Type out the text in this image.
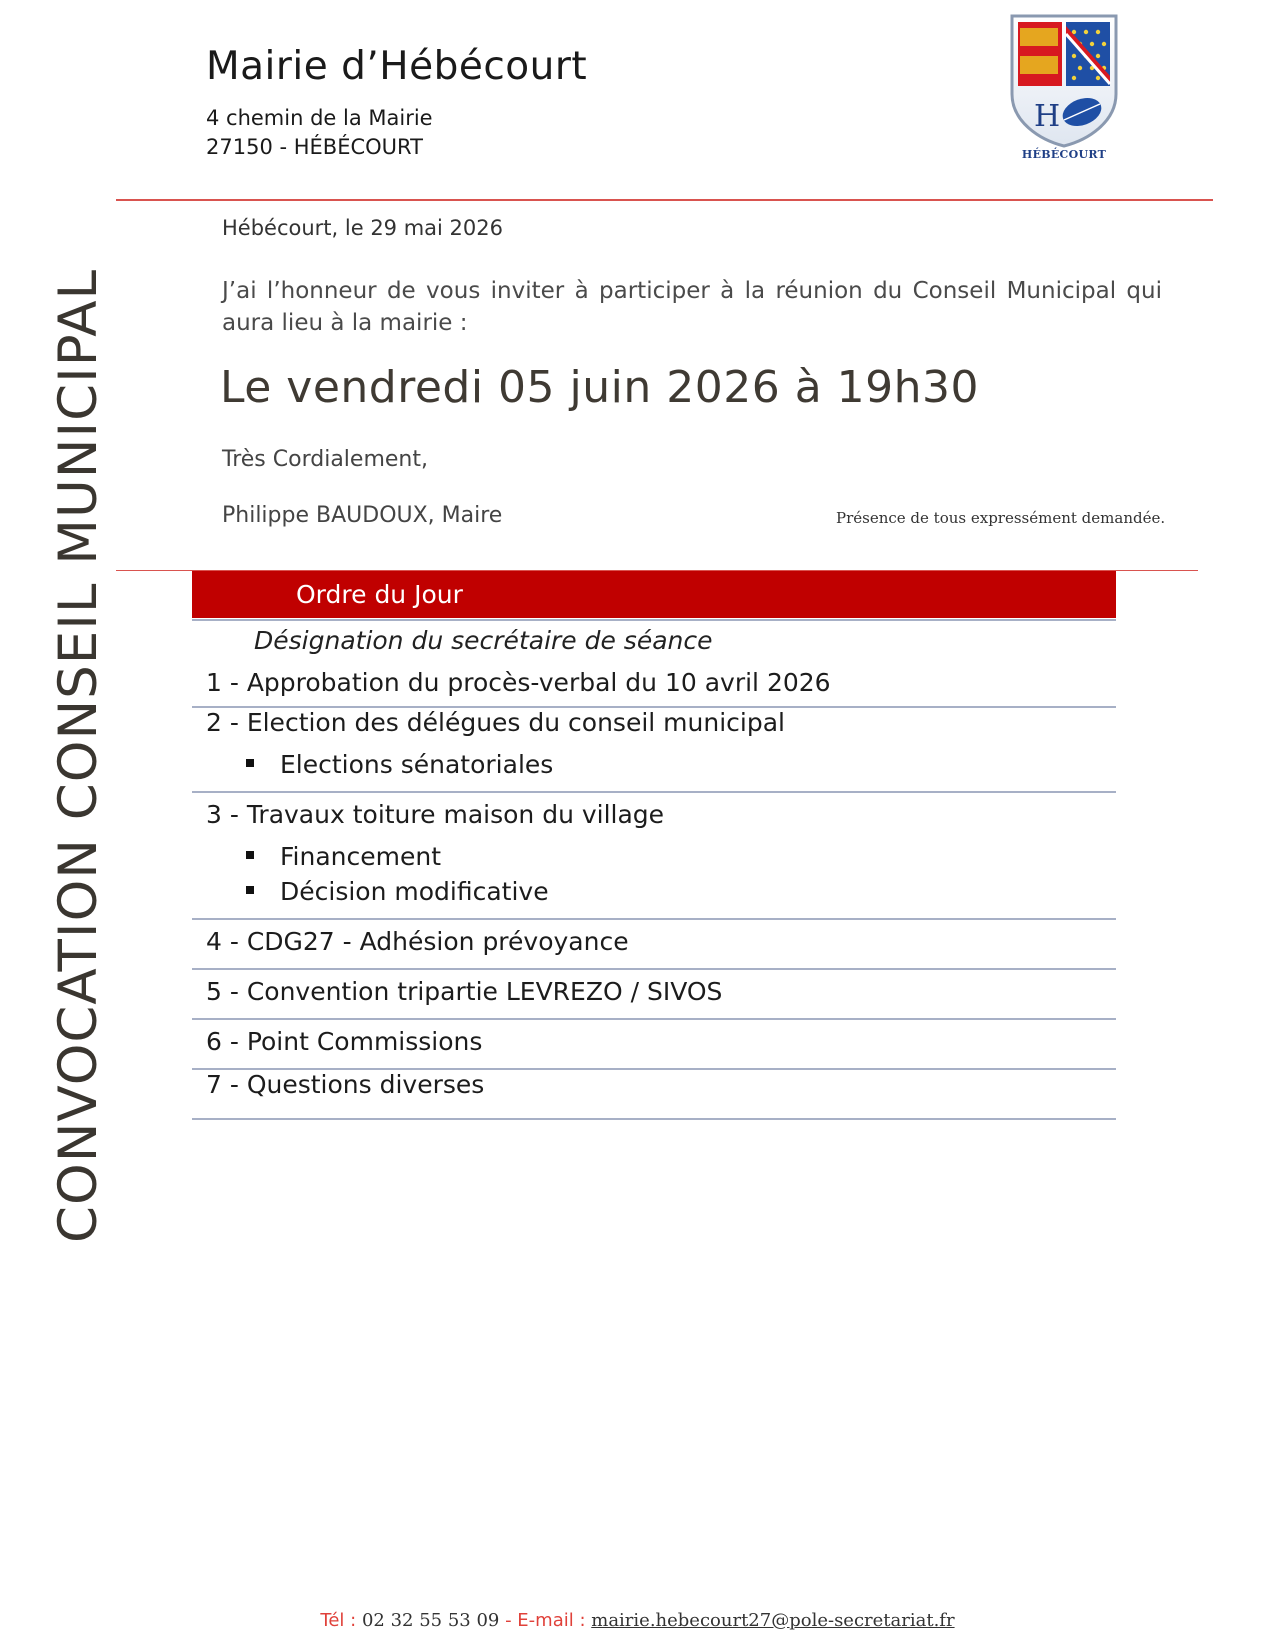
Mairie d’Hébécourt
4 chemin de la Mairie
27150 - HÉBÉCOURT
H
HÉBÉCOURT
Hébécourt, le 29 mai 2026
J’ai l’honneur de vous inviter à participer à la réunion du Conseil Municipal qui aura lieu à la mairie :
Le vendredi 05 juin 2026 à 19h30
Très Cordialement,
Philippe BAUDOUX, Maire	Présence de tous expressément demandée.
CONVOCATION CONSEIL MUNICIPAL	Ordre du Jour
Désignation du secrétaire de séance
1 - Approbation du procès-verbal du 10 avril 2026
2 - Election des délégues du conseil municipal
Elections sénatoriales
3 - Travaux toiture maison du village
Financement
Décision modificative
4 - CDG27 - Adhésion prévoyance
5 - Convention tripartie LEVREZO / SIVOS
6 - Point Commissions
7 - Questions diverses
Tél : 02 32 55 53 09 - E-mail : mairie.hebecourt27@pole-secretariat.fr
